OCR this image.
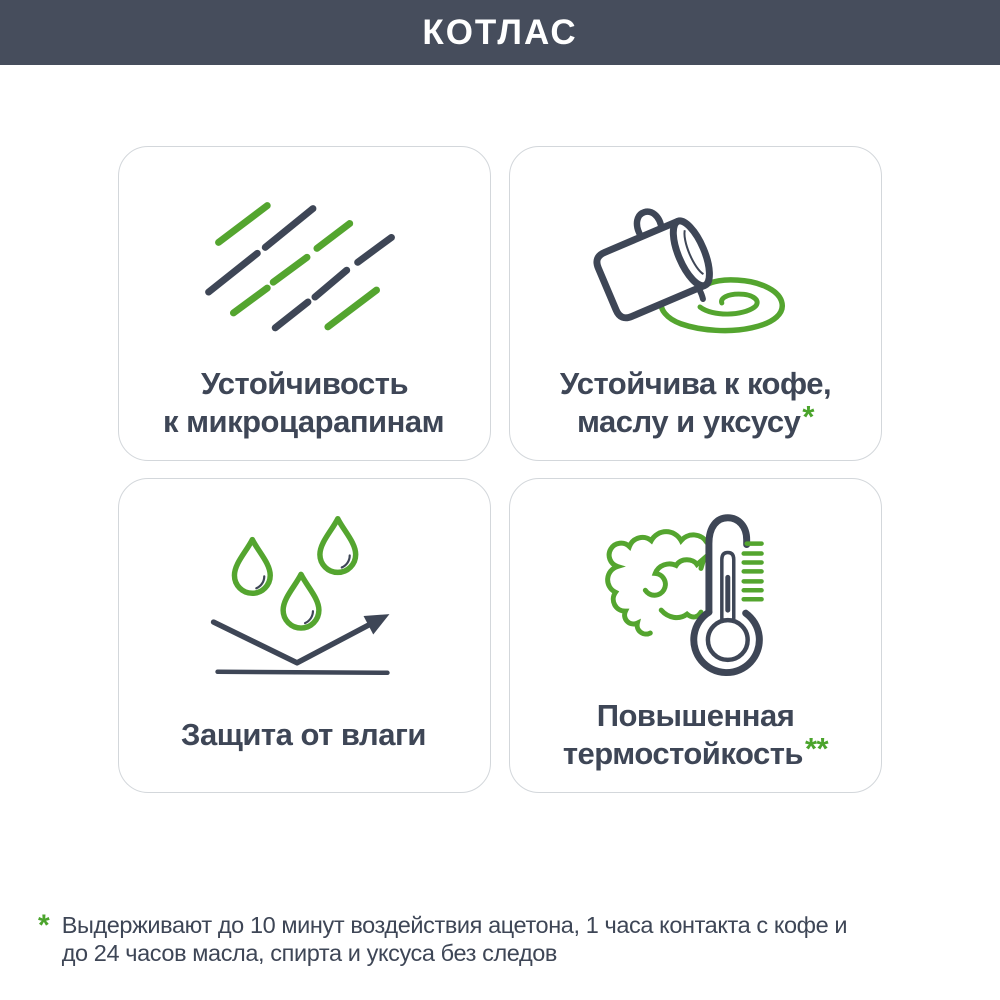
КОТЛАС
Устойчивость
к микроцарапинам
Устойчива к кофе,
маслу и уксусу*
Защита от влаги
Повышенная
термостойкость**
* Выдерживают до 10 минут воздействия ацетона, 1 часа контакта с кофе и
до 24 часов масла, спирта и уксуса без следов
